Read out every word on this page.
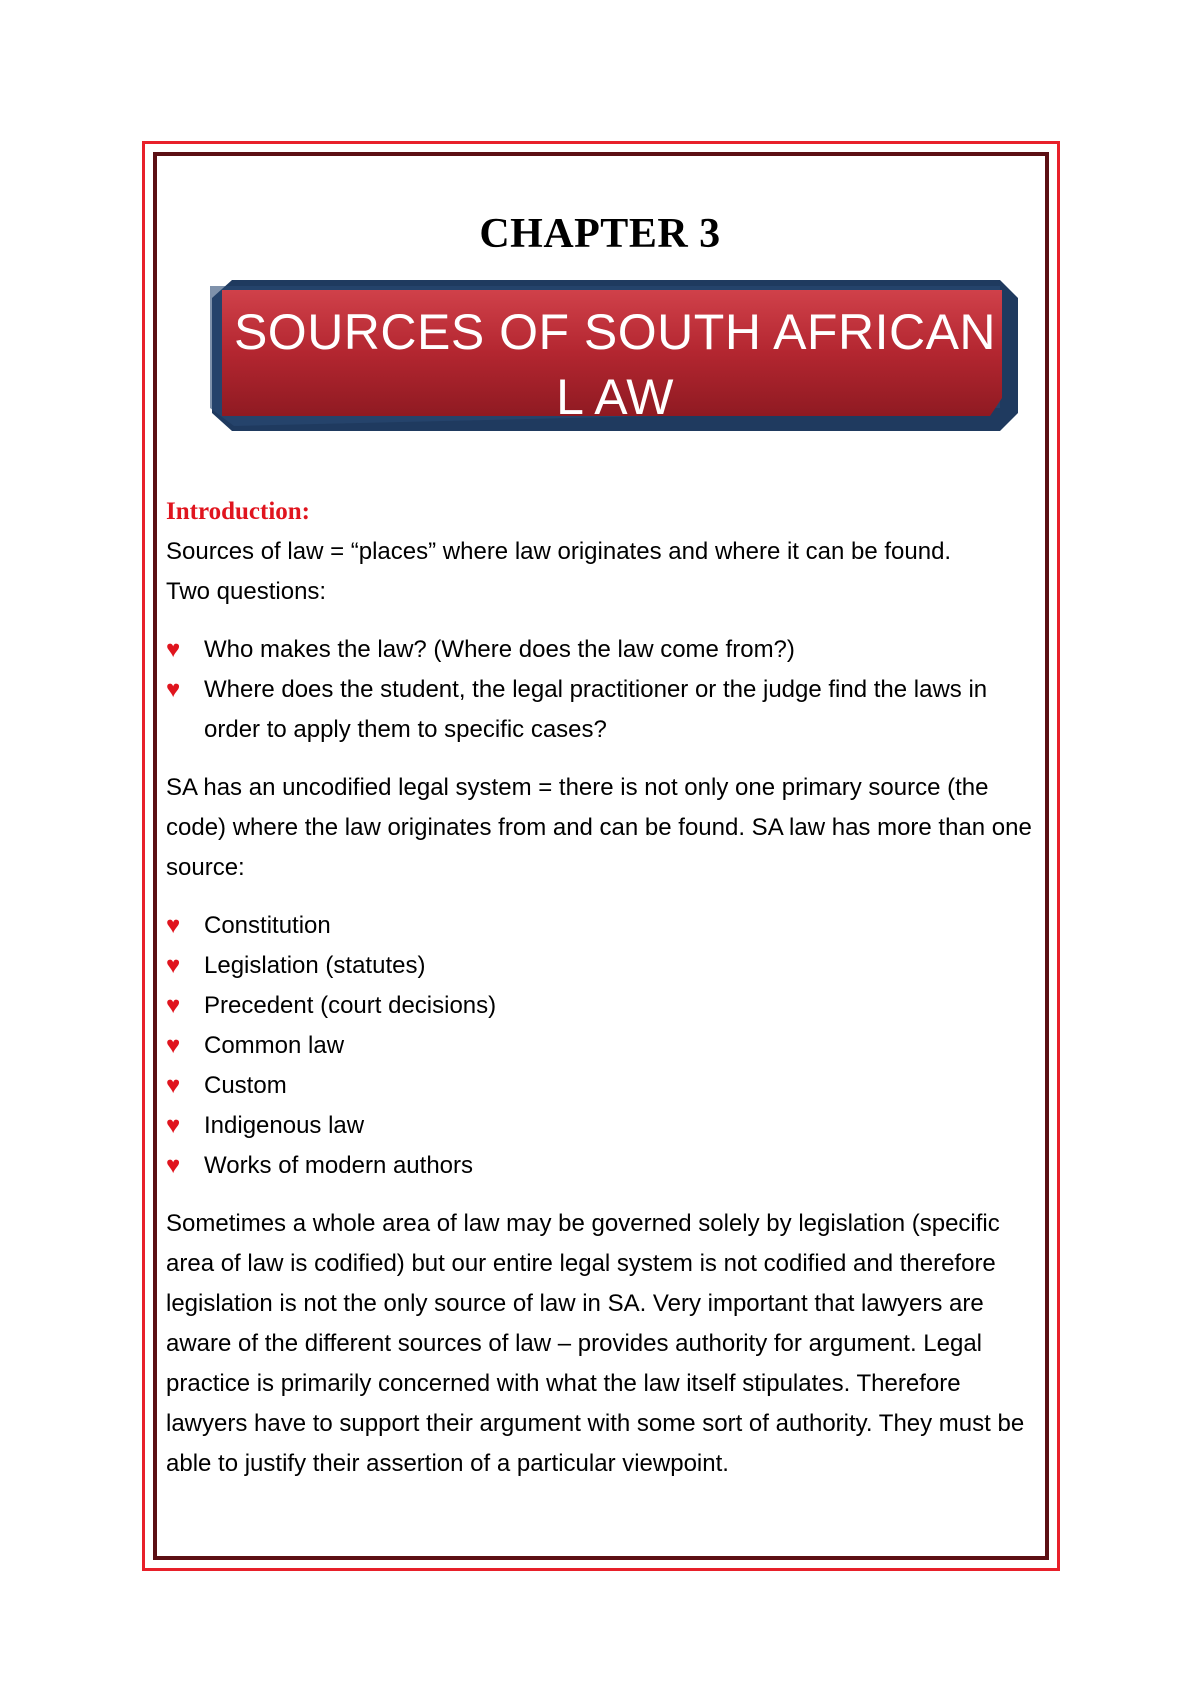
CHAPTER 3
SOURCES OF SOUTH AFRICAN
L AW
Introduction:

Sources of law = “places” where law originates and where it can be found.

Two questions:

♥ Who makes the law? (Where does the law come from?)
♥ Where does the student, the legal practitioner or the judge find the laws in order to apply them to specific cases?

SA has an uncodified legal system = there is not only one primary source (the code) where the law originates from and can be found. SA law has more than one source:

♥ Constitution
♥ Legislation (statutes)
♥ Precedent (court decisions)
♥ Common law
♥ Custom
♥ Indigenous law
♥ Works of modern authors

Sometimes a whole area of law may be governed solely by legislation (specific area of law is codified) but our entire legal system is not codified and therefore legislation is not the only source of law in SA. Very important that lawyers are aware of the different sources of law – provides authority for argument. Legal practice is primarily concerned with what the law itself stipulates. Therefore lawyers have to support their argument with some sort of authority. They must be able to justify their assertion of a particular viewpoint.
